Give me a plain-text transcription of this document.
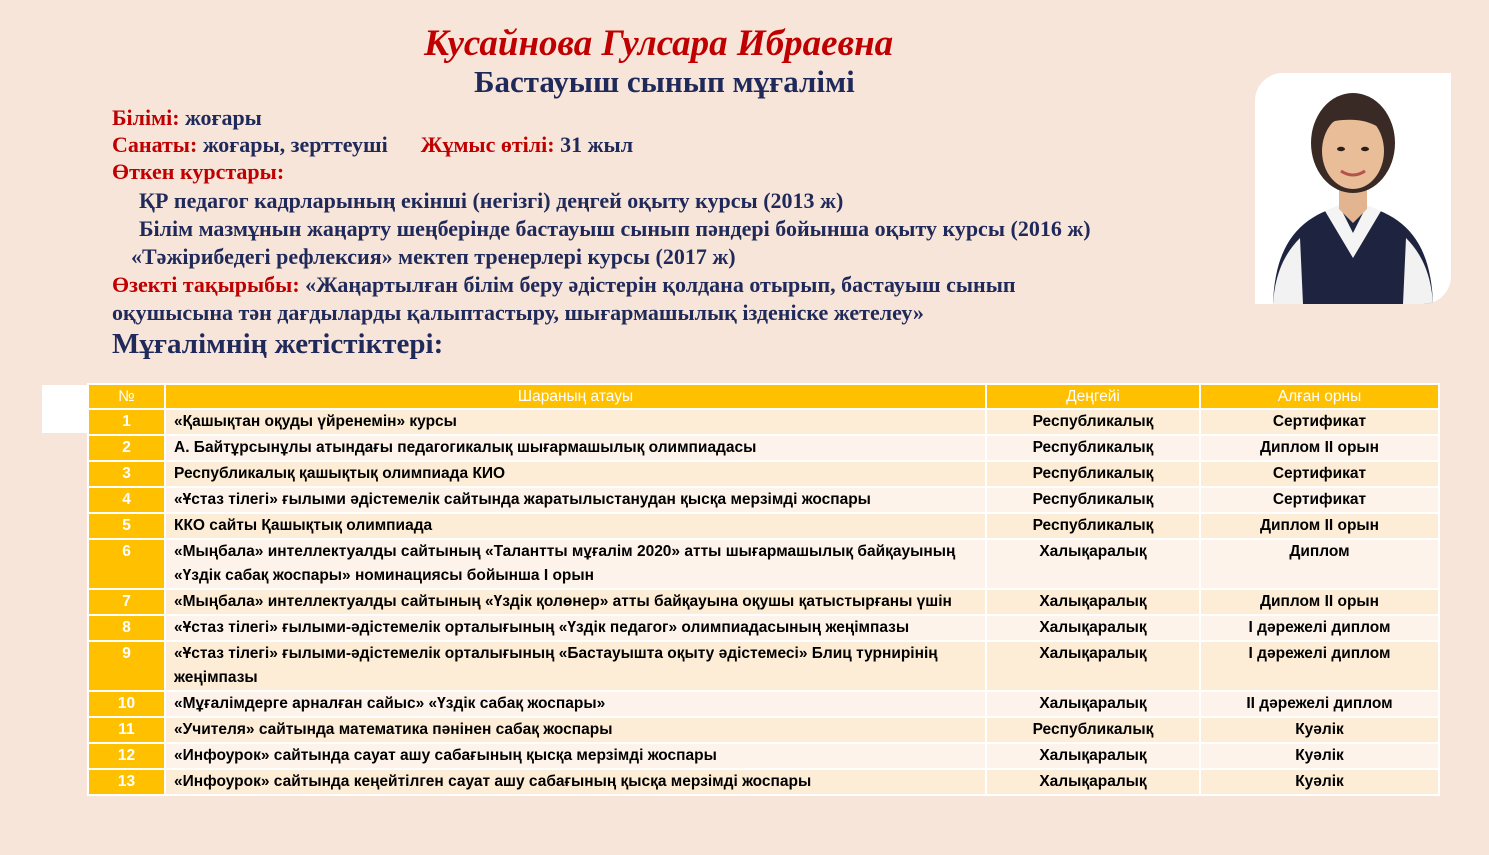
Кусайнова Гулсара Ибраевна
Бастауыш сынып мұғалімі
Білімі: жоғары
Санаты: жоғары, зерттеуші Жұмыс өтілі: 31 жыл
Өткен курстары:
ҚР педагог кадрларының екінші (негізгі) деңгей оқыту курсы (2013 ж)
Білім мазмұнын жаңарту шеңберінде бастауыш сынып пәндері бойынша оқыту курсы (2016 ж)
«Тәжірибедегі рефлексия» мектеп тренерлері курсы (2017 ж)
Өзекті тақырыбы: «Жаңартылған білім беру әдістерін қолдана отырып, бастауыш сынып
оқушысына тән дағдыларды қалыптастыру, шығармашылық ізденіске жетелеу»
Мұғалімнің жетістіктері:
№	Шараның атауы	Деңгейі	Алған орны
1	«Қашықтан оқуды үйренемін» курсы	Республикалық	Сертификат
2	А. Байтұрсынұлы атындағы педагогикалық шығармашылық олимпиадасы	Республикалық	Диплом II орын
3	Республикалық қашықтық олимпиада КИО	Республикалық	Сертификат
4	«Ұстаз тілегі» ғылыми әдістемелік сайтында жаратылыстанудан қысқа мерзімді жоспары	Республикалық	Сертификат
5	ККО сайты Қашықтық олимпиада	Республикалық	Диплом II орын
6	«Мыңбала» интеллектуалды сайтының «Талантты мұғалім 2020» атты шығармашылық байқауының «Үздік сабақ жоспары» номинациясы бойынша I орын	Халықаралық	Диплом
7	«Мыңбала» интеллектуалды сайтының «Үздік қолөнер» атты байқауына оқушы қатыстырғаны үшін	Халықаралық	Диплом II орын
8	«Ұстаз тілегі» ғылыми-әдістемелік орталығының «Үздік педагог» олимпиадасының жеңімпазы	Халықаралық	I дәрежелі диплом
9	«Ұстаз тілегі» ғылыми-әдістемелік орталығының «Бастауышта оқыту әдістемесі» Блиц турнирінің жеңімпазы	Халықаралық	I дәрежелі диплом
10	«Мұғалімдерге арналған сайыс» «Үздік сабақ жоспары»	Халықаралық	II дәрежелі диплом
11	«Учителя» сайтында математика пәнінен сабақ жоспары	Республикалық	Куәлік
12	«Инфоурок» сайтында сауат ашу сабағының қысқа мерзімді жоспары	Халықаралық	Куәлік
13	«Инфоурок» сайтында кеңейтілген сауат ашу сабағының қысқа мерзімді жоспары	Халықаралық	Куәлік
